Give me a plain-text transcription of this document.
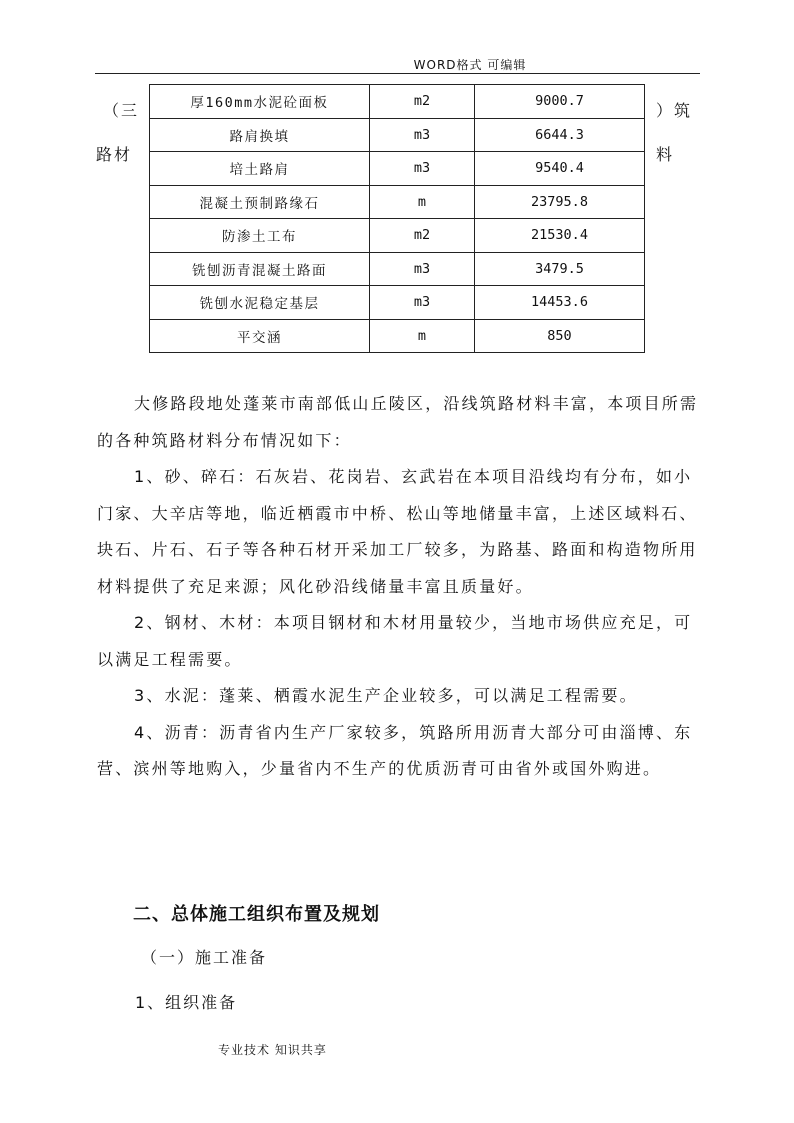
WORD格式 可编辑
（三
路材
）筑
料
厚160mm水泥砼面板	m2	9000.7
路肩换填	m3	6644.3
培土路肩	m3	9540.4
混凝土预制路缘石	m	23795.8
防渗土工布	m2	21530.4
铣刨沥青混凝土路面	m3	3479.5
铣刨水泥稳定基层	m3	14453.6
平交涵	m	850

大修路段地处蓬莱市南部低山丘陵区，沿线筑路材料丰富，本项目所需的各种筑路材料分布情况如下：

1、砂、碎石：石灰岩、花岗岩、玄武岩在本项目沿线均有分布，如小门家、大辛店等地，临近栖霞市中桥、松山等地储量丰富，上述区域料石、块石、片石、石子等各种石材开采加工厂较多，为路基、路面和构造物所用材料提供了充足来源；风化砂沿线储量丰富且质量好。

2、钢材、木材：本项目钢材和木材用量较少，当地市场供应充足，可以满足工程需要。

3、水泥：蓬莱、栖霞水泥生产企业较多，可以满足工程需要。

4、沥青：沥青省内生产厂家较多，筑路所用沥青大部分可由淄博、东营、滨州等地购入，少量省内不生产的优质沥青可由省外或国外购进。

二、总体施工组织布置及规划
（一）施工准备
1、组织准备
专业技术 知识共享
